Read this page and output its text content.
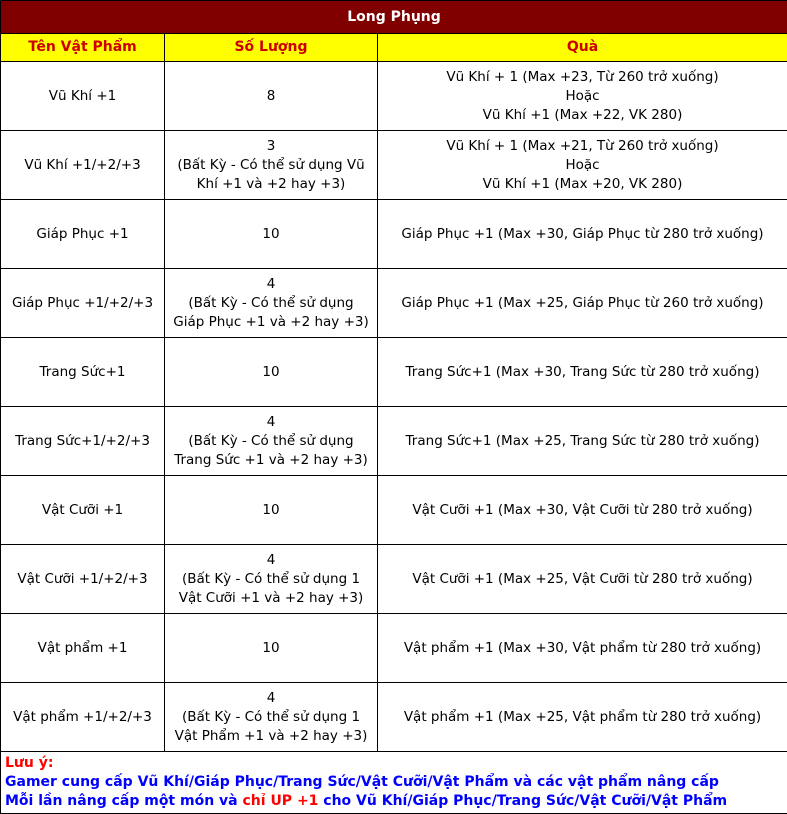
Long Phụng		
Tên Vật Phẩm	Số Lượng	Quà
Vũ Khí +1	8	Vũ Khí + 1 (Max +23, Từ 260 trở xuống)
Hoặc
Vũ Khí +1 (Max +22, VK 280)

Vũ Khí +1/+2/+3	3
(Bất Kỳ - Có thể sử dụng Vũ
Khí +1 và +2 hay +3)	Vũ Khí + 1 (Max +21, Từ 260 trở xuống)
Hoặc
Vũ Khí +1 (Max +20, VK 280)

Giáp Phục +1	10	Giáp Phục +1 (Max +30, Giáp Phục từ 280 trở xuống)

Giáp Phục +1/+2/+3	4
(Bất Kỳ - Có thể sử dụng
Giáp Phục +1 và +2 hay +3)	Giáp Phục +1 (Max +25, Giáp Phục từ 260 trở xuống)

Trang Sức+1	10	Trang Sức+1 (Max +30, Trang Sức từ 280 trở xuống)

Trang Sức+1/+2/+3	4
(Bất Kỳ - Có thể sử dụng
Trang Sức +1 và +2 hay +3)	Trang Sức+1 (Max +25, Trang Sức từ 280 trở xuống)

Vật Cưỡi +1	10	Vật Cưỡi +1 (Max +30, Vật Cưỡi từ 280 trở xuống)

Vật Cưỡi +1/+2/+3	4
(Bất Kỳ - Có thể sử dụng 1
Vật Cưỡi +1 và +2 hay +3)	Vật Cưỡi +1 (Max +25, Vật Cưỡi từ 280 trở xuống)

Vật phẩm +1	10	Vật phẩm +1 (Max +30, Vật phẩm từ 280 trở xuống)

Vật phẩm +1/+2/+3	4
(Bất Kỳ - Có thể sử dụng 1
Vật Phẩm +1 và +2 hay +3)	Vật phẩm +1 (Max +25, Vật phẩm từ 280 trở xuống)

Lưu ý:
Gamer cung cấp Vũ Khí/Giáp Phục/Trang Sức/Vật Cưỡi/Vật Phẩm và các vật phẩm nâng cấp
Mỗi lần nâng cấp một món và chỉ UP +1 cho Vũ Khí/Giáp Phục/Trang Sức/Vật Cưỡi/Vật Phẩm		
